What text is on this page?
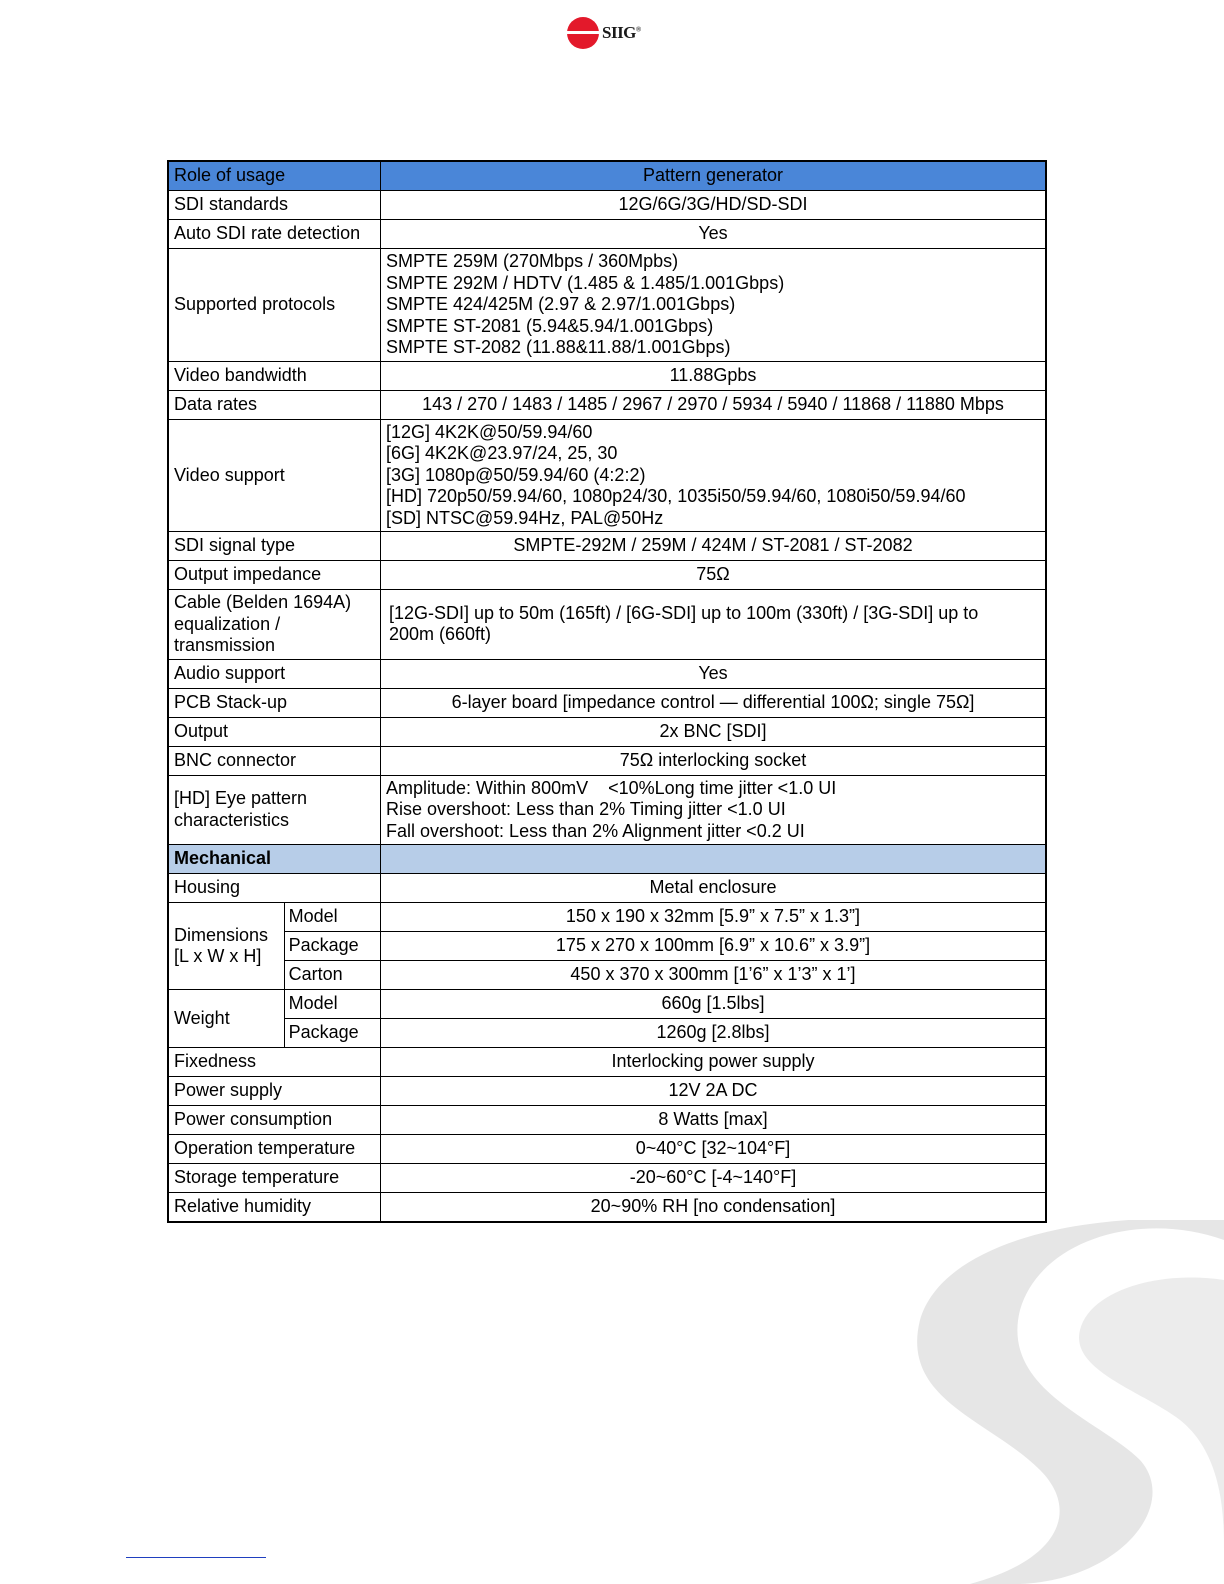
SIIG®
Role of usage		Pattern generator
SDI standards		12G/6G/3G/HD/SD-SDI
Auto SDI rate detection		Yes
Supported protocols		SMPTE 259M (270Mbps / 360Mpbs)
SMPTE 292M / HDTV (1.485 & 1.485/1.001Gbps)
SMPTE 424/425M (2.97 & 2.97/1.001Gbps)
SMPTE ST-2081 (5.94&5.94/1.001Gbps)
SMPTE ST-2082 (11.88&11.88/1.001Gbps)

Video bandwidth		11.88Gpbs
Data rates		143 / 270 / 1483 / 1485 / 2967 / 2970 / 5934 / 5940 / 11868 / 11880 Mbps
Video support		[12G] 4K2K@50/59.94/60
[6G] 4K2K@23.97/24, 25, 30
[3G] 1080p@50/59.94/60 (4:2:2)
[HD] 720p50/59.94/60, 1080p24/30, 1035i50/59.94/60, 1080i50/59.94/60
[SD] NTSC@59.94Hz, PAL@50Hz

SDI signal type		SMPTE-292M / 259M / 424M / ST-2081 / ST-2082
Output impedance		75Ω
Cable (Belden 1694A) equalization / transmission		[12G-SDI] up to 50m (165ft) / [6G-SDI] up to 100m (330ft) / [3G-SDI] up to 200m (660ft)
Audio support		Yes
PCB Stack-up		6-layer board [impedance control — differential 100Ω; single 75Ω]
Output		2x BNC [SDI]
BNC connector		75Ω interlocking socket
[HD] Eye pattern characteristics		Amplitude: Within 800mV    <10%Long time jitter <1.0 UI
Rise overshoot: Less than 2% Timing jitter <1.0 UI
Fall overshoot: Less than 2% Alignment jitter <0.2 UI

Mechanical		
Housing		Metal enclosure

Dimensions
[L x W x H]	Model	150 x 190 x 32mm [5.9” x 7.5” x 1.3”]
	Package	175 x 270 x 100mm [6.9” x 10.6” x 3.9”]
	Carton	450 x 370 x 300mm [1’6” x 1’3” x 1’]
Weight	Model	660g [1.5lbs]
	Package	1260g [2.8lbs]
Fixedness		Interlocking power supply
Power supply		12V 2A DC
Power consumption		8 Watts [max]
Operation temperature		0~40°C [32~104°F]
Storage temperature		-20~60°C [-4~140°F]
Relative humidity		20~90% RH [no condensation]
